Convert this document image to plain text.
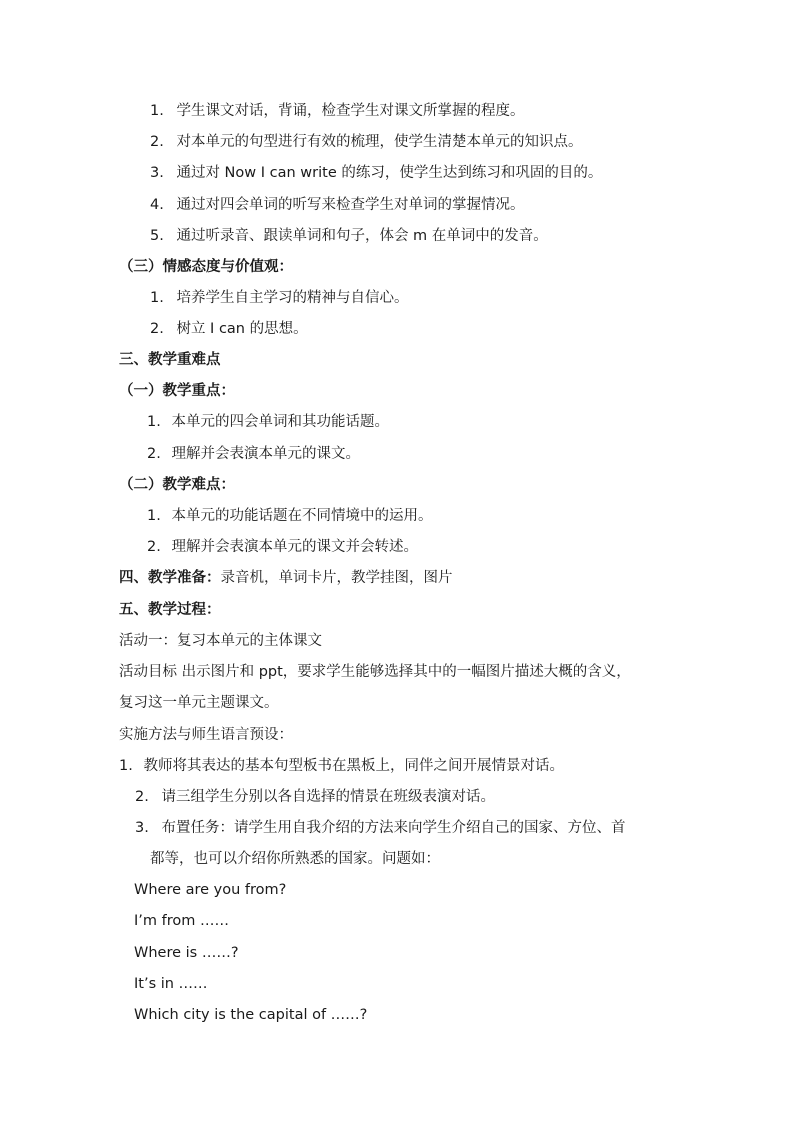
1. 学生课文对话，背诵，检查学生对课文所掌握的程度。
2. 对本单元的句型进行有效的梳理，使学生清楚本单元的知识点。
3. 通过对 Now I can write 的练习，使学生达到练习和巩固的目的。
4. 通过对四会单词的听写来检查学生对单词的掌握情况。
5. 通过听录音、跟读单词和句子，体会 m 在单词中的发音。
（三）情感态度与价值观：
1. 培养学生自主学习的精神与自信心。
2. 树立 I can 的思想。
三、教学重难点
（一）教学重点：
1. 本单元的四会单词和其功能话题。
2. 理解并会表演本单元的课文。
（二）教学难点：
1. 本单元的功能话题在不同情境中的运用。
2. 理解并会表演本单元的课文并会转述。
四、教学准备：录音机，单词卡片，教学挂图，图片
五、教学过程：
活动一：复习本单元的主体课文
活动目标 出示图片和 ppt，要求学生能够选择其中的一幅图片描述大概的含义，
复习这一单元主题课文。
实施方法与师生语言预设：
1. 教师将其表达的基本句型板书在黑板上，同伴之间开展情景对话。
2. 请三组学生分别以各自选择的情景在班级表演对话。
3. 布置任务：请学生用自我介绍的方法来向学生介绍自己的国家、方位、首
都等，也可以介绍你所熟悉的国家。问题如：
Where are you from?
I’m from ……
Where is ……?
It’s in ……
Which city is the capital of ……?
